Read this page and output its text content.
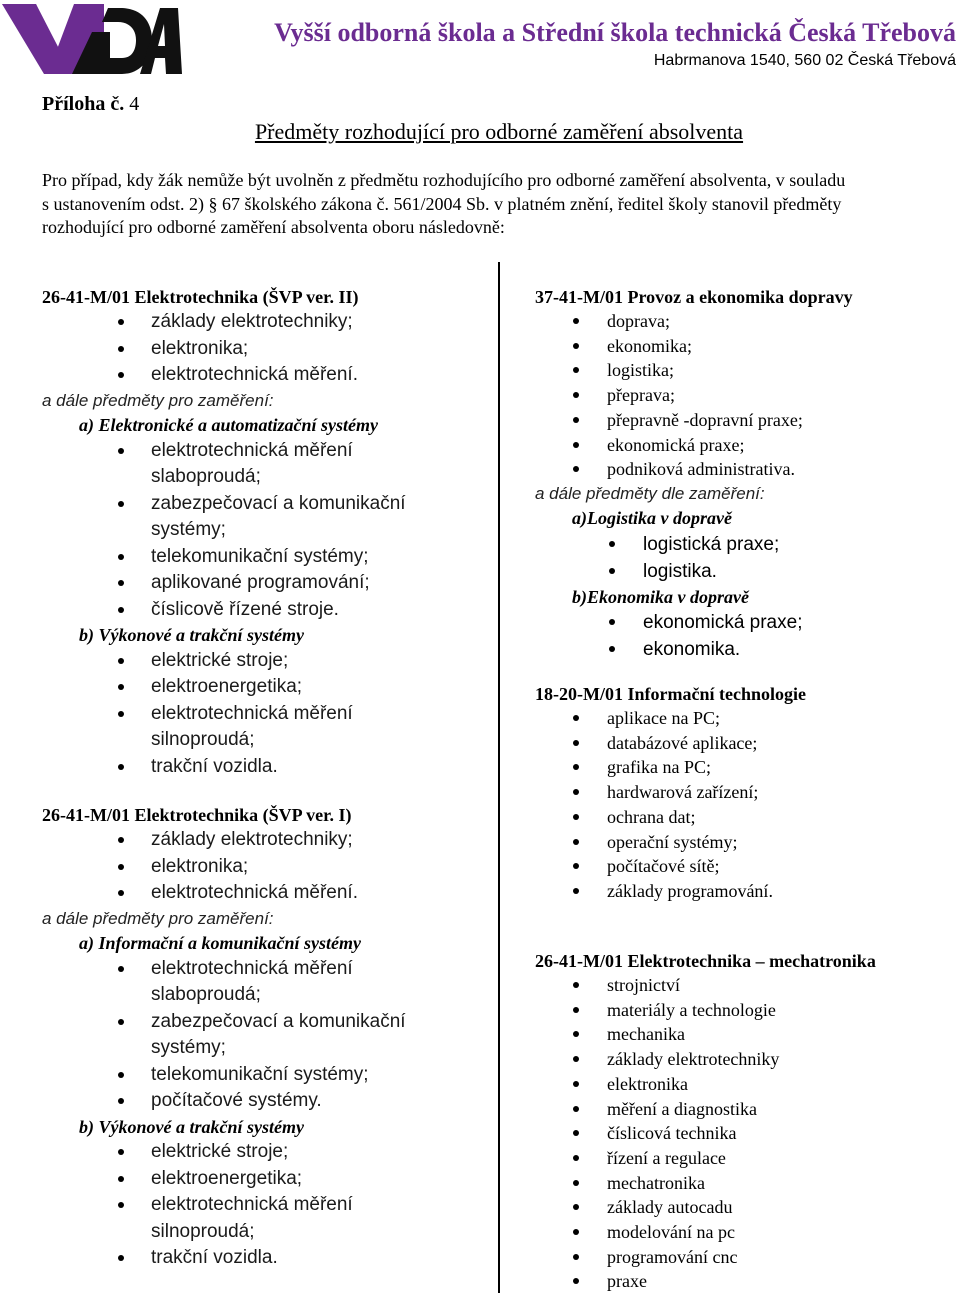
Vyšší odborná škola a Střední škola technická Česká Třebová
Habrmanova 1540, 560 02 Česká Třebová
Příloha č. 4
Předměty rozhodující pro odborné zaměření absolventa

Pro případ, kdy žák nemůže být uvolněn z předmětu rozhodujícího pro odborné zaměření absolventa, v souladu

s ustanovením odst. 2) § 67 školského zákona č. 561/2004 Sb. v platném znění, ředitel školy stanovil předměty

rozhodující pro odborné zaměření absolventa oboru následovně:

26-41-M/01 Elektrotechnika (ŠVP ver. II)
základy elektrotechniky;
elektronika;
elektrotechnická měření.
a dále předměty pro zaměření:
a) Elektronické a automatizační systémy
elektrotechnická měření slaboproudá;
zabezpečovací a komunikační systémy;
telekomunikační systémy;
aplikované programování;
číslicově řízené stroje.
b) Výkonové a trakční systémy
elektrické stroje;
elektroenergetika;
elektrotechnická měření silnoproudá;
trakční vozidla.
26-41-M/01 Elektrotechnika (ŠVP ver. I)
základy elektrotechniky;
elektronika;
elektrotechnická měření.
a dále předměty pro zaměření:
a) Informační a komunikační systémy
elektrotechnická měření slaboproudá;
zabezpečovací a komunikační systémy;
telekomunikační systémy;
počítačové systémy.
b) Výkonové a trakční systémy
elektrické stroje;
elektroenergetika;
elektrotechnická měření silnoproudá;
trakční vozidla.
37-41-M/01 Provoz a ekonomika dopravy
doprava;
ekonomika;
logistika;
přeprava;
přepravně -dopravní praxe;
ekonomická praxe;
podniková administrativa.
a dále předměty dle zaměření:
a)Logistika v dopravě
logistická praxe;
logistika.
b)Ekonomika v dopravě
ekonomická praxe;
ekonomika.
18-20-M/01 Informační technologie
aplikace na PC;
databázové aplikace;
grafika na PC;
hardwarová zařízení;
ochrana dat;
operační systémy;
počítačové sítě;
základy programování.
26-41-M/01 Elektrotechnika – mechatronika
strojnictví
materiály a technologie
mechanika
základy elektrotechniky
elektronika
měření a diagnostika
číslicová technika
řízení a regulace
mechatronika
základy autocadu
modelování na pc
programování cnc
praxe
